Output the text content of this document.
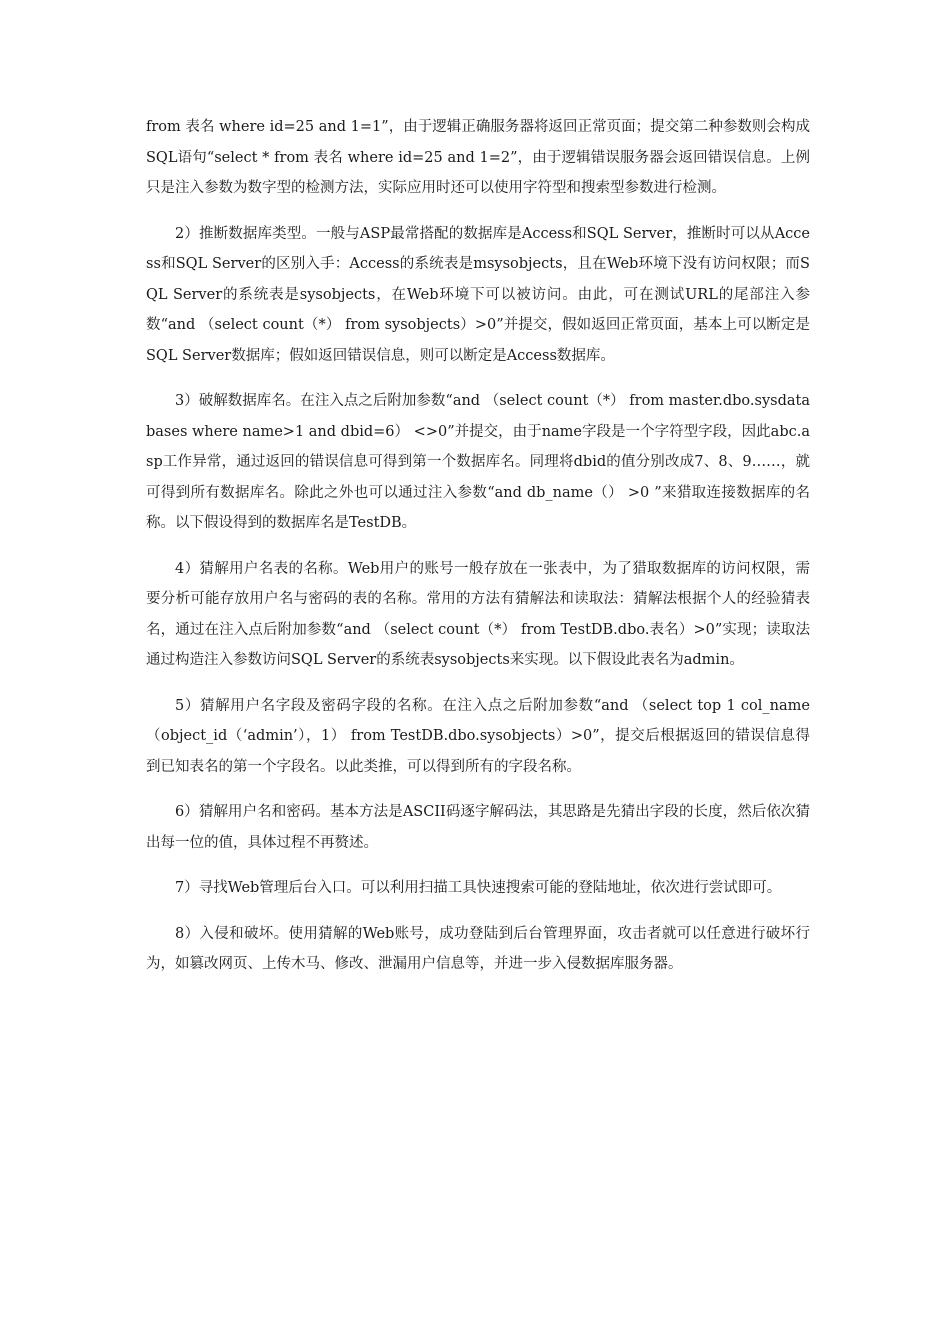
from 表名 where id=25 and 1=1”，由于逻辑正确服务器将返回正常页面；提交第二种参数则会构成SQL语句“select * from 表名 where id=25 and 1=2”，由于逻辑错误服务器会返回错误信息。上例只是注入参数为数字型的检测方法，实际应用时还可以使用字符型和搜索型参数进行检测。

2）推断数据库类型。一般与ASP最常搭配的数据库是Access和SQL Server，推断时可以从Access和SQL Server的区别入手：Access的系统表是msysobjects，且在Web环境下没有访问权限；而SQL Server的系统表是sysobjects，在Web环境下可以被访问。由此，可在测试URL的尾部注入参数“and （select count（*） from sysobjects）>0”并提交，假如返回正常页面，基本上可以断定是SQL Server数据库；假如返回错误信息，则可以断定是Access数据库。

3）破解数据库名。在注入点之后附加参数“and （select count（*） from master.dbo.sysdatabases where name>1 and dbid=6） <>0”并提交，由于name字段是一个字符型字段，因此abc.asp工作异常，通过返回的错误信息可得到第一个数据库名。同理将dbid的值分别改成7、8、9……，就可得到所有数据库名。除此之外也可以通过注入参数“and db_name（） >0 ”来猎取连接数据库的名称。以下假设得到的数据库名是TestDB。

4）猜解用户名表的名称。Web用户的账号一般存放在一张表中，为了猎取数据库的访问权限，需要分析可能存放用户名与密码的表的名称。常用的方法有猜解法和读取法：猜解法根据个人的经验猜表名，通过在注入点后附加参数“and （select count（*） from TestDB.dbo.表名）>0”实现；读取法通过构造注入参数访问SQL Server的系统表sysobjects来实现。以下假设此表名为admin。

5）猜解用户名字段及密码字段的名称。在注入点之后附加参数“and （select top 1 col_name（object_id（‘admin’），1） from TestDB.dbo.sysobjects）>0”，提交后根据返回的错误信息得到已知表名的第一个字段名。以此类推，可以得到所有的字段名称。

6）猜解用户名和密码。基本方法是ASCII码逐字解码法，其思路是先猜出字段的长度，然后依次猜出每一位的值，具体过程不再赘述。

7）寻找Web管理后台入口。可以利用扫描工具快速搜索可能的登陆地址，依次进行尝试即可。

8）入侵和破坏。使用猜解的Web账号，成功登陆到后台管理界面，攻击者就可以任意进行破坏行为，如篡改网页、上传木马、修改、泄漏用户信息等，并进一步入侵数据库服务器。
